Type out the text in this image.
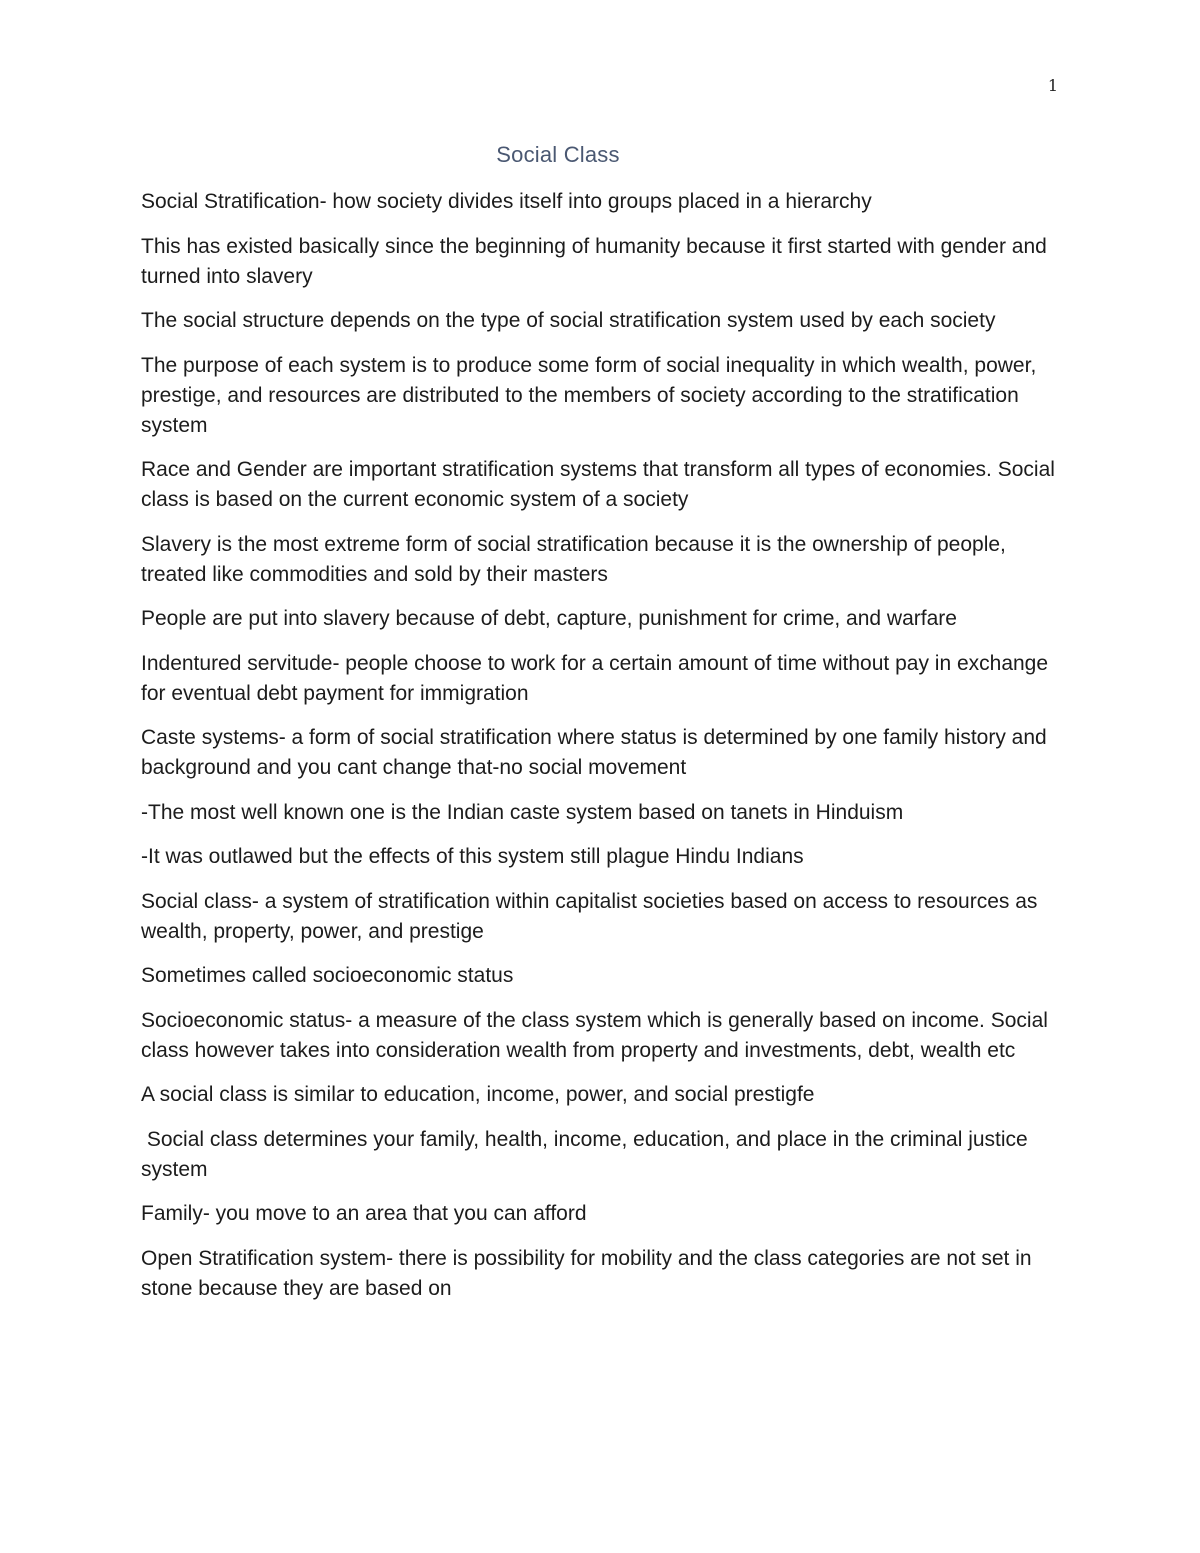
1
Social Class

Social Stratification- how society divides itself into groups placed in a hierarchy

This has existed basically since the beginning of humanity because it first started with gender and turned into slavery

The social structure depends on the type of social stratification system used by each society

The purpose of each system is to produce some form of social inequality in which wealth, power, prestige, and resources are distributed to the members of society according to the stratification system

Race and Gender are important stratification systems that transform all types of economies. Social class is based on the current economic system of a society

Slavery is the most extreme form of social stratification because it is the ownership of people, treated like commodities and sold by their masters

People are put into slavery because of debt, capture, punishment for crime, and warfare

Indentured servitude- people choose to work for a certain amount of time without pay in exchange for eventual debt payment for immigration

Caste systems- a form of social stratification where status is determined by one family history and background and you cant change that-no social movement

-The most well known one is the Indian caste system based on tanets in Hinduism

-It was outlawed but the effects of this system still plague Hindu Indians

Social class- a system of stratification within capitalist societies based on access to resources as wealth, property, power, and prestige

Sometimes called socioeconomic status

Socioeconomic status- a measure of the class system which is generally based on income. Social class however takes into consideration wealth from property and investments, debt, wealth etc

A social class is similar to education, income, power, and social prestigfe

Social class determines your family, health, income, education, and place in the criminal justice system

Family- you move to an area that you can afford

Open Stratification system- there is possibility for mobility and the class categories are not set in stone because they are based on
